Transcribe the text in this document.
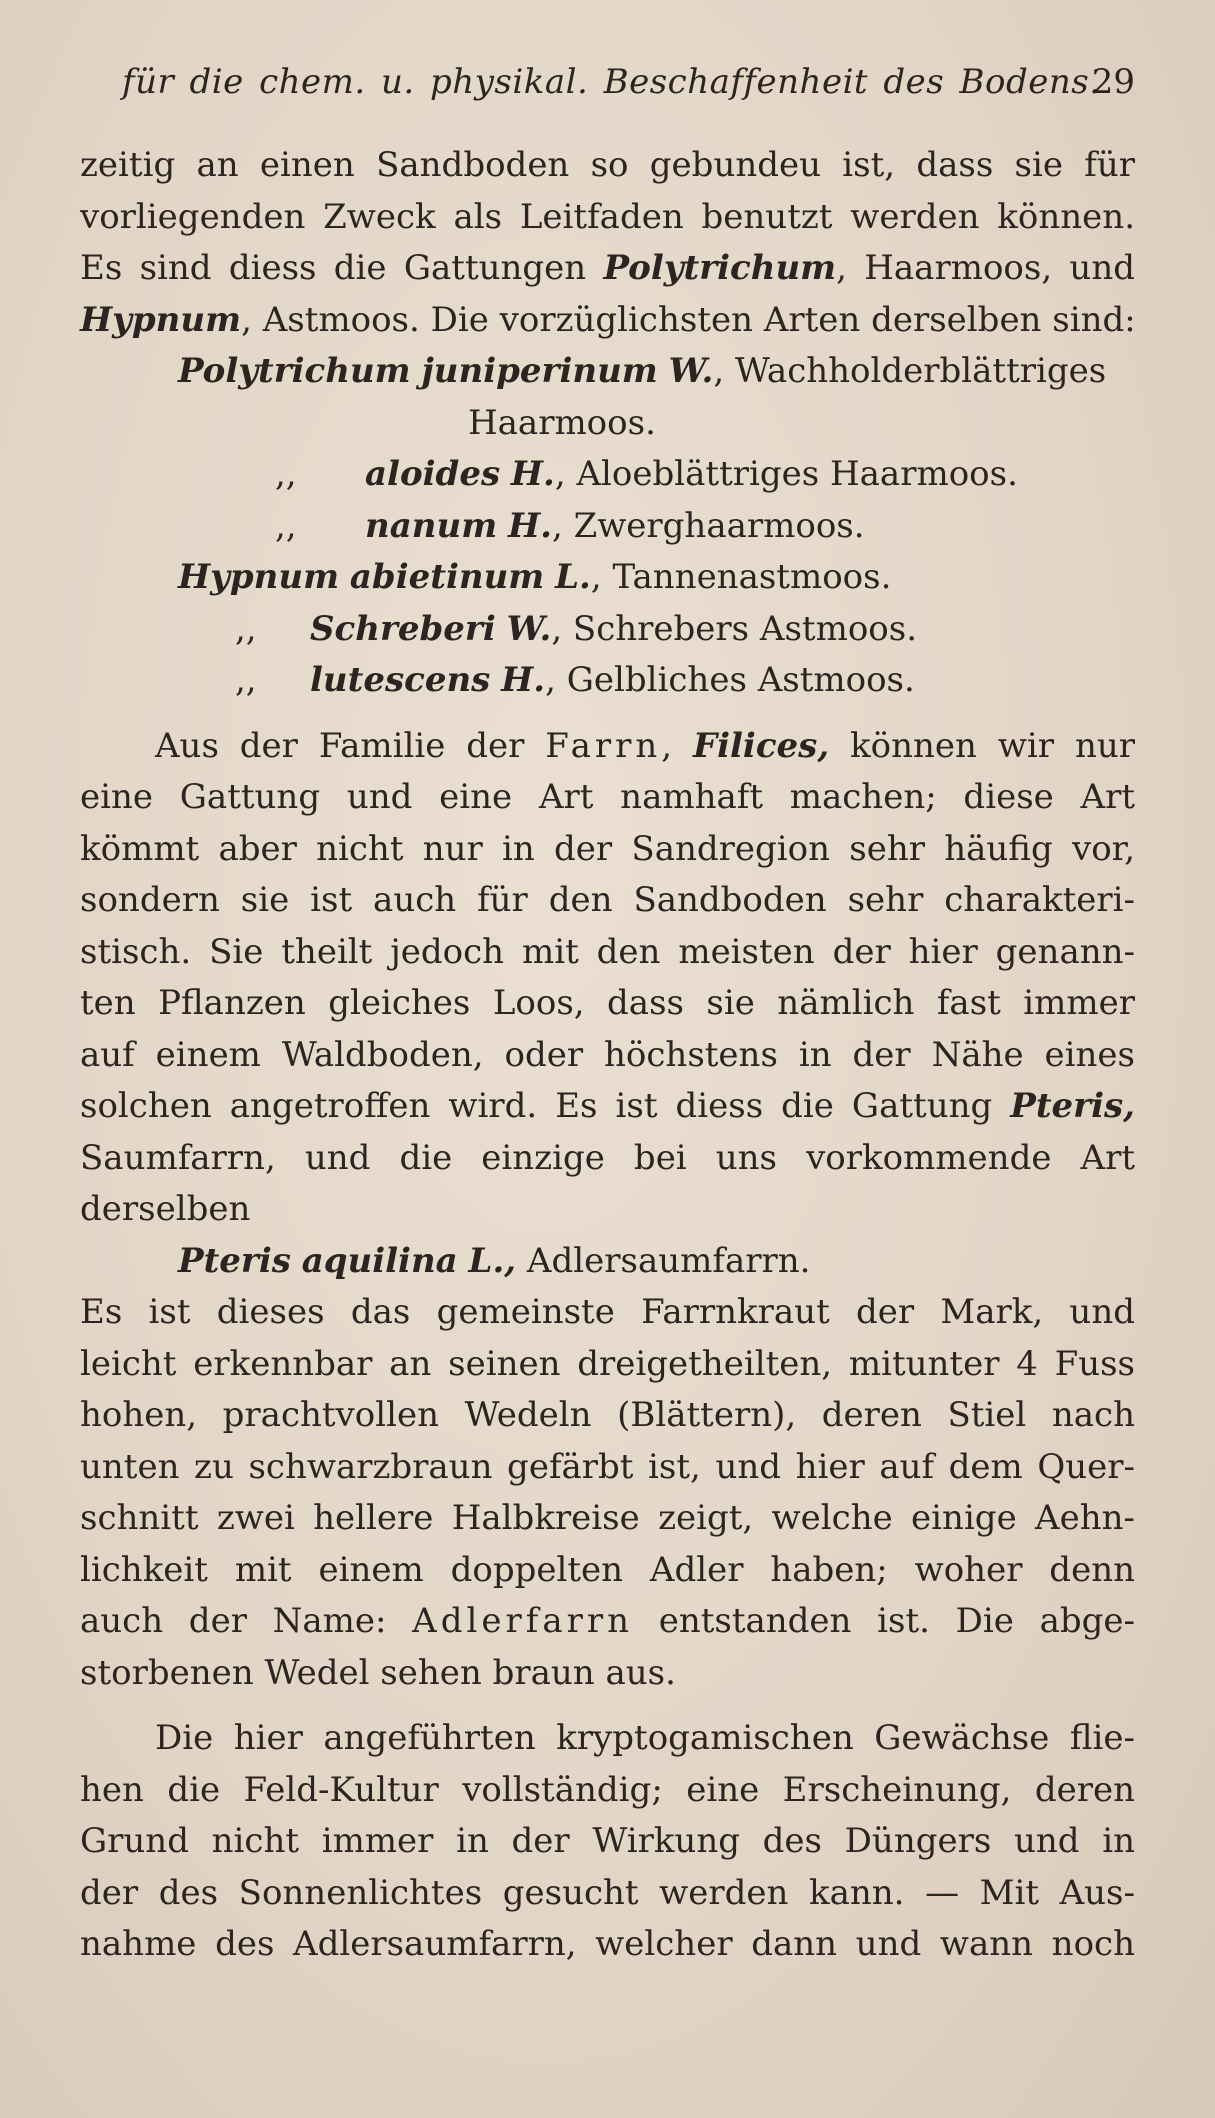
für die chem. u. physikal. Beschaffenheit des Bodens.
29
zeitig an einen Sandboden so gebundeu ist, dass sie für
vorliegenden Zweck als Leitfaden benutzt werden können.
Es sind diess die Gattungen Polytrichum, Haarmoos, und
Hypnum, Astmoos. Die vorzüglichsten Arten derselben sind:
Polytrichum juniperinum W., Wachholderblättriges
Haarmoos.
,, aloides H., Aloeblättriges Haarmoos.
,, nanum H., Zwerghaarmoos.
Hypnum abietinum L., Tannenastmoos.
,, Schreberi W., Schrebers Astmoos.
,, lutescens H., Gelbliches Astmoos.
Aus der Familie der Farrn, Filices, können wir nur
eine Gattung und eine Art namhaft machen; diese Art
kömmt aber nicht nur in der Sandregion sehr häufig vor,
sondern sie ist auch für den Sandboden sehr charakteri-
stisch. Sie theilt jedoch mit den meisten der hier genann-
ten Pflanzen gleiches Loos, dass sie nämlich fast immer
auf einem Waldboden, oder höchstens in der Nähe eines
solchen angetroffen wird. Es ist diess die Gattung Pteris,
Saumfarrn, und die einzige bei uns vorkommende Art
derselben
Pteris aquilina L., Adlersaumfarrn.
Es ist dieses das gemeinste Farrnkraut der Mark, und
leicht erkennbar an seinen dreigetheilten, mitunter 4 Fuss
hohen, prachtvollen Wedeln (Blättern), deren Stiel nach
unten zu schwarzbraun gefärbt ist, und hier auf dem Quer-
schnitt zwei hellere Halbkreise zeigt, welche einige Aehn-
lichkeit mit einem doppelten Adler haben; woher denn
auch der Name: Adlerfarrn entstanden ist. Die abge-
storbenen Wedel sehen braun aus.
Die hier angeführten kryptogamischen Gewächse flie-
hen die Feld-Kultur vollständig; eine Erscheinung, deren
Grund nicht immer in der Wirkung des Düngers und in
der des Sonnenlichtes gesucht werden kann. — Mit Aus-
nahme des Adlersaumfarrn, welcher dann und wann noch
